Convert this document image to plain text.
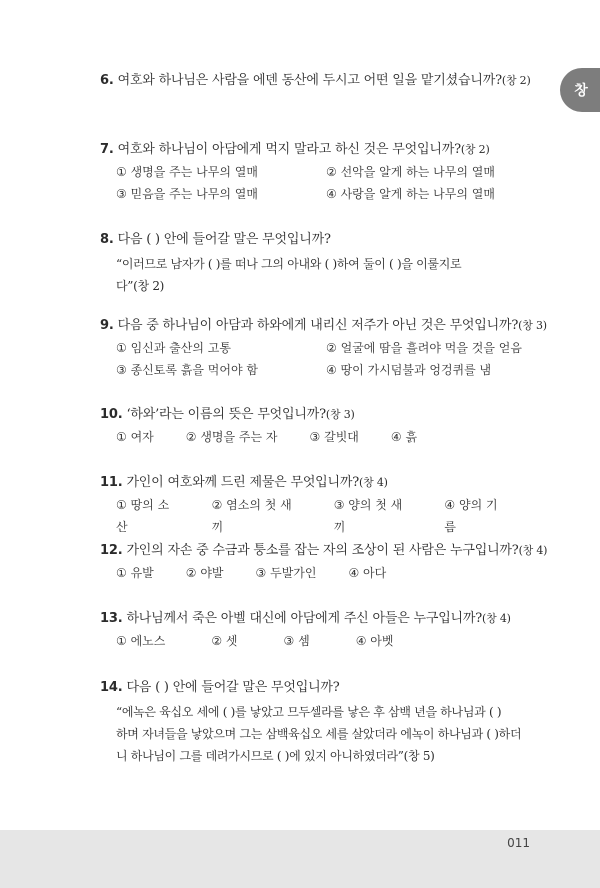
창
6. 여호와 하나님은 사람을 에덴 동산에 두시고 어떤 일을 맡기셨습니까?(창 2)
7. 여호와 하나님이 아담에게 먹지 말라고 하신 것은 무엇입니까?(창 2)
① 생명을 주는 나무의 열매	② 선악을 알게 하는 나무의 열매
③ 믿음을 주는 나무의 열매	④ 사랑을 알게 하는 나무의 열매
8. 다음 ( ) 안에 들어갈 말은 무엇입니까?
“이러므로 남자가 ( )를 떠나 그의 아내와 ( )하여 둘이 ( )을 이룰지로
다”(창 2)
9. 다음 중 하나님이 아담과 하와에게 내리신 저주가 아닌 것은 무엇입니까?(창 3)
① 임신과 출산의 고통	② 얼굴에 땀을 흘려야 먹을 것을 얻음
③ 종신토록 흙을 먹어야 함	④ 땅이 가시덤불과 엉겅퀴를 냄
10. ‘하와’라는 이름의 뜻은 무엇입니까?(창 3)
① 여자	② 생명을 주는 자	③ 갈빗대	④ 흙
11. 가인이 여호와께 드린 제물은 무엇입니까?(창 4)
① 땅의 소산
② 염소의 첫 새끼
③ 양의 첫 새끼
④ 양의 기름
12. 가인의 자손 중 수금과 퉁소를 잡는 자의 조상이 된 사람은 누구입니까?(창 4)
① 유발	② 야발	③ 두발가인	④ 아다
13. 하나님께서 죽은 아벨 대신에 아담에게 주신 아들은 누구입니까?(창 4)
① 에노스	② 셋	③ 셈	④ 아벳
14. 다음 ( ) 안에 들어갈 말은 무엇입니까?
“에녹은 육십오 세에 ( )를 낳았고 므두셀라를 낳은 후 삼백 년을 하나님과 ( )
하며 자녀들을 낳았으며 그는 삼백육십오 세를 살았더라 에녹이 하나님과 ( )하더
니 하나님이 그를 데려가시므로 ( )에 있지 아니하였더라”(창 5)
011
